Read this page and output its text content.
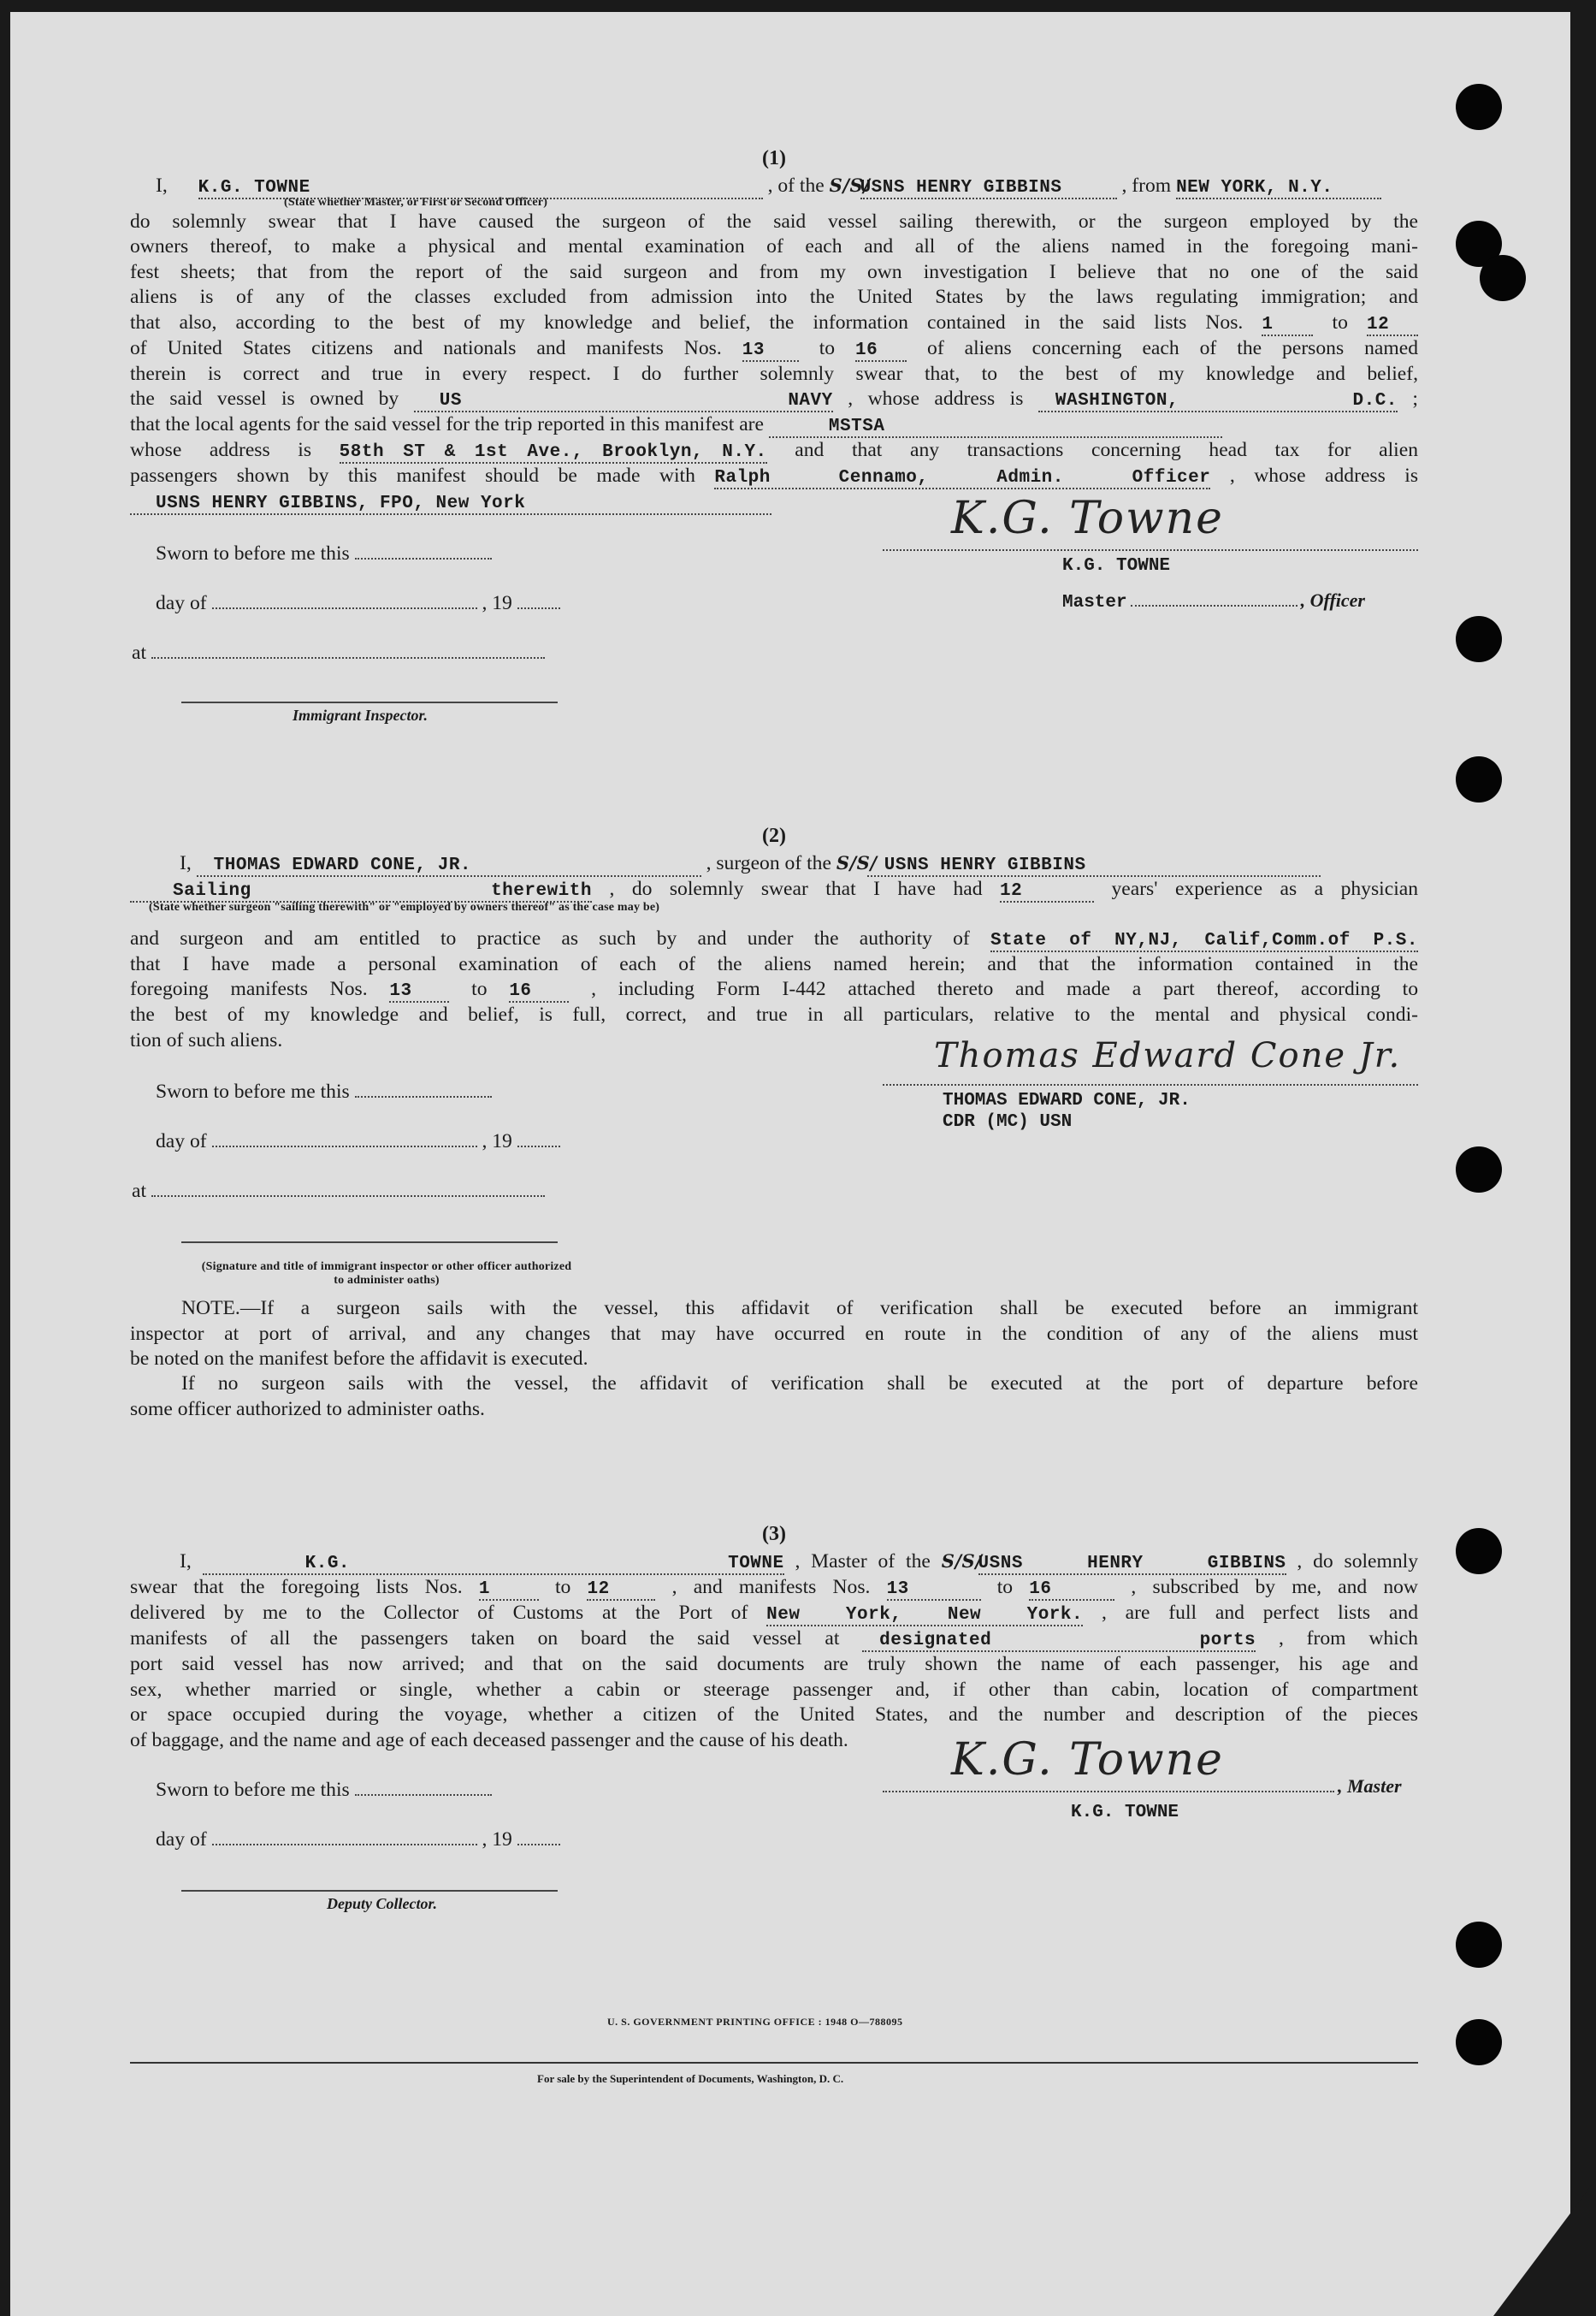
(1)
I, K.G. TOWNE	, of the S/S/ USNS HENRY GIBBINS	, from NEW YORK, N.Y.
(State whether Master, or First or Second Officer)
do solemnly swear that I have caused the surgeon of the said vessel sailing therewith, or the surgeon employed by the
owners thereof, to make a physical and mental examination of each and all of the aliens named in the foregoing mani-
fest sheets; that from the report of the said surgeon and from my own investigation I believe that no one of the said
aliens is of any of the classes excluded from admission into the United States by the laws regulating immigration; and
that also, according to the best of my knowledge and belief, the information contained in the said lists Nos. 1	to 12
of United States citizens and nationals and manifests Nos. 13	to 16 of aliens concerning each of the persons named
therein is correct and true in every respect. I do further solemnly swear that, to the best of my knowledge and belief,
the said vessel is owned by US NAVY , whose address is WASHINGTON, D.C. ;
that the local agents for the said vessel for the trip reported in this manifest are	MSTSA
whose address is 58th ST & 1st Ave., Brooklyn, N.Y. and that any transactions concerning head tax for alien
passengers shown by this manifest should be made with Ralph Cennamo, Admin. Officer , whose address is
USNS HENRY GIBBINS, FPO, New York
Sworn to before me this
day of	, 19
at
Immigrant Inspector.
K.G. Towne
K.G. TOWNE
Master	, Officer
(2)
I, THOMAS EDWARD CONE, JR.	, surgeon of the S/S/ USNS HENRY GIBBINS
Sailing therewith , do solemnly swear that I have had 12	years' experience as a physician
(State whether surgeon "sailing therewith" or "employed by owners thereof" as the case may be)
and surgeon and am entitled to practice as such by and under the authority of State of NY,NJ, Calif,Comm.of P.S.
that I have made a personal examination of each of the aliens named herein; and that the information contained in the
foregoing manifests Nos. 13	to 16	, including Form I-442 attached thereto and made a part thereof, according to
the best of my knowledge and belief, is full, correct, and true in all particulars, relative to the mental and physical condi-
tion of such aliens.
Sworn to before me this
day of	, 19
at
Thomas Edward Cone Jr.
THOMAS EDWARD CONE, JR.
CDR (MC) USN
(Signature and title of immigrant inspector or other officer authorized to administer oaths)
NOTE.—If a surgeon sails with the vessel, this affidavit of verification shall be executed before an immigrant
inspector at port of arrival, and any changes that may have occurred en route in the condition of any of the aliens must
be noted on the manifest before the affidavit is executed.
If no surgeon sails with the vessel, the affidavit of verification shall be executed at the port of departure before
some officer authorized to administer oaths.
(3)
I,	K.G. TOWNE , Master of the S/S/ USNS HENRY GIBBINS , do solemnly
swear that the foregoing lists Nos. 1	to 12	, and manifests Nos. 13	to 16	, subscribed by me, and now
delivered by me to the Collector of Customs at the Port of New York, New York. , are full and perfect lists and
manifests of all the passengers taken on board the said vessel at designated ports , from which
port said vessel has now arrived; and that on the said documents are truly shown the name of each passenger, his age and
sex, whether married or single, whether a cabin or steerage passenger and, if other than cabin, location of compartment
or space occupied during the voyage, whether a citizen of the United States, and the number and description of the pieces
of baggage, and the name and age of each deceased passenger and the cause of his death.
Sworn to before me this
day of	, 19
Deputy Collector.
K.G. Towne
, Master
K.G. TOWNE
U. S. GOVERNMENT PRINTING OFFICE : 1948 O—788095
For sale by the Superintendent of Documents, Washington, D. C.
